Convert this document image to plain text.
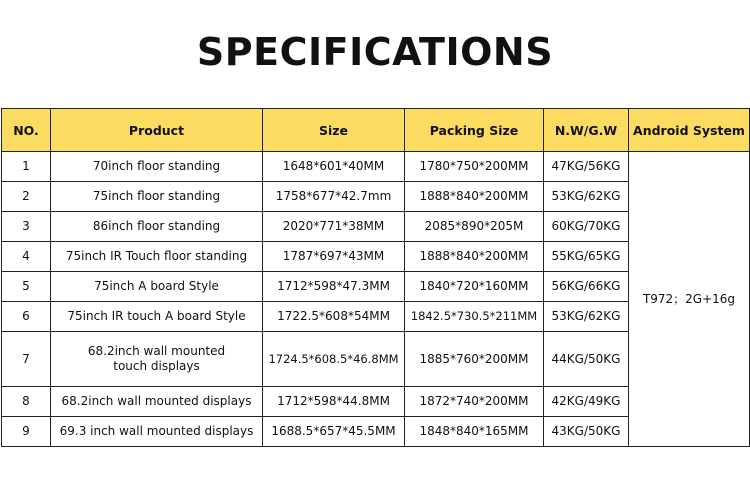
SPECIFICATIONS
NO.	Product	Size	Packing Size	N.W/G.W	Android System
1	70inch floor standing	1648*601*40MM	1780*750*200MM	47KG/56KG	T972；2G+16g
2	75inch floor standing	1758*677*42.7mm	1888*840*200MM	53KG/62KG	
3	86inch floor standing	2020*771*38MM	2085*890*205M	60KG/70KG	
4	75inch IR Touch floor standing	1787*697*43MM	1888*840*200MM	55KG/65KG	
5	75inch A board Style	1712*598*47.3MM	1840*720*160MM	56KG/66KG	
6	75inch IR touch A board Style	1722.5*608*54MM	1842.5*730.5*211MM	53KG/62KG	
7	68.2inch wall mounted touch displays	1724.5*608.5*46.8MM	1885*760*200MM	44KG/50KG	
8	68.2inch wall mounted displays	1712*598*44.8MM	1872*740*200MM	42KG/49KG	
9	69.3 inch wall mounted displays	1688.5*657*45.5MM	1848*840*165MM	43KG/50KG	
